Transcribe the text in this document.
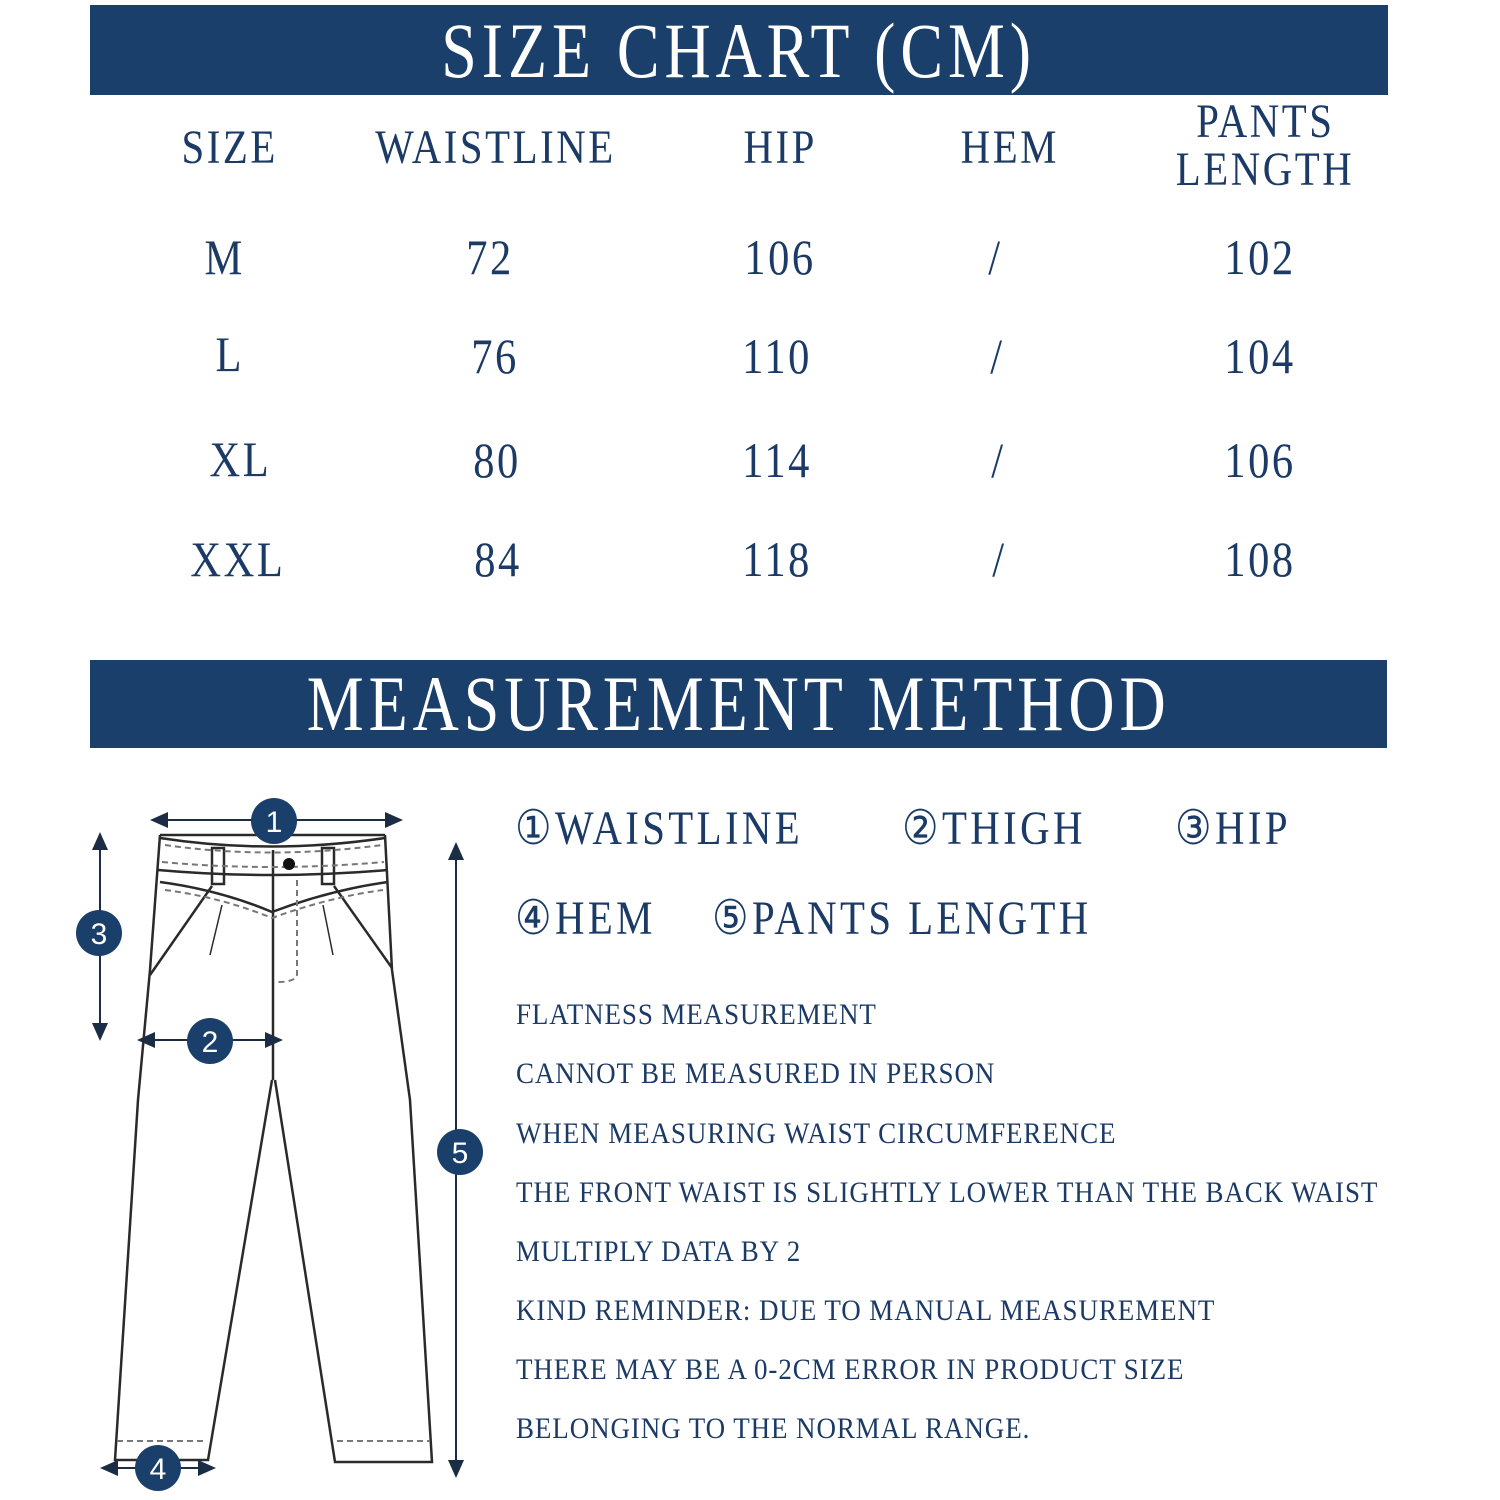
SIZE CHART (CM)
SIZE	WAISTLINE	HIP	HEM	PANTS
LENGTH
M	72	106	/	102
L	76	110	/	104
XL	80	114	/	106
XXL	84	118	/	108
MEASUREMENT METHOD
1
3
2
5
4
①WAISTLINE	②THIGH	③HIP
④HEM	⑤PANTS LENGTH
FLATNESS MEASUREMENT
CANNOT BE MEASURED IN PERSON
WHEN MEASURING WAIST CIRCUMFERENCE
THE FRONT WAIST IS SLIGHTLY LOWER THAN THE BACK WAIST
MULTIPLY DATA BY 2
KIND REMINDER: DUE TO MANUAL MEASUREMENT
THERE MAY BE A 0-2CM ERROR IN PRODUCT SIZE
BELONGING TO THE NORMAL RANGE.
